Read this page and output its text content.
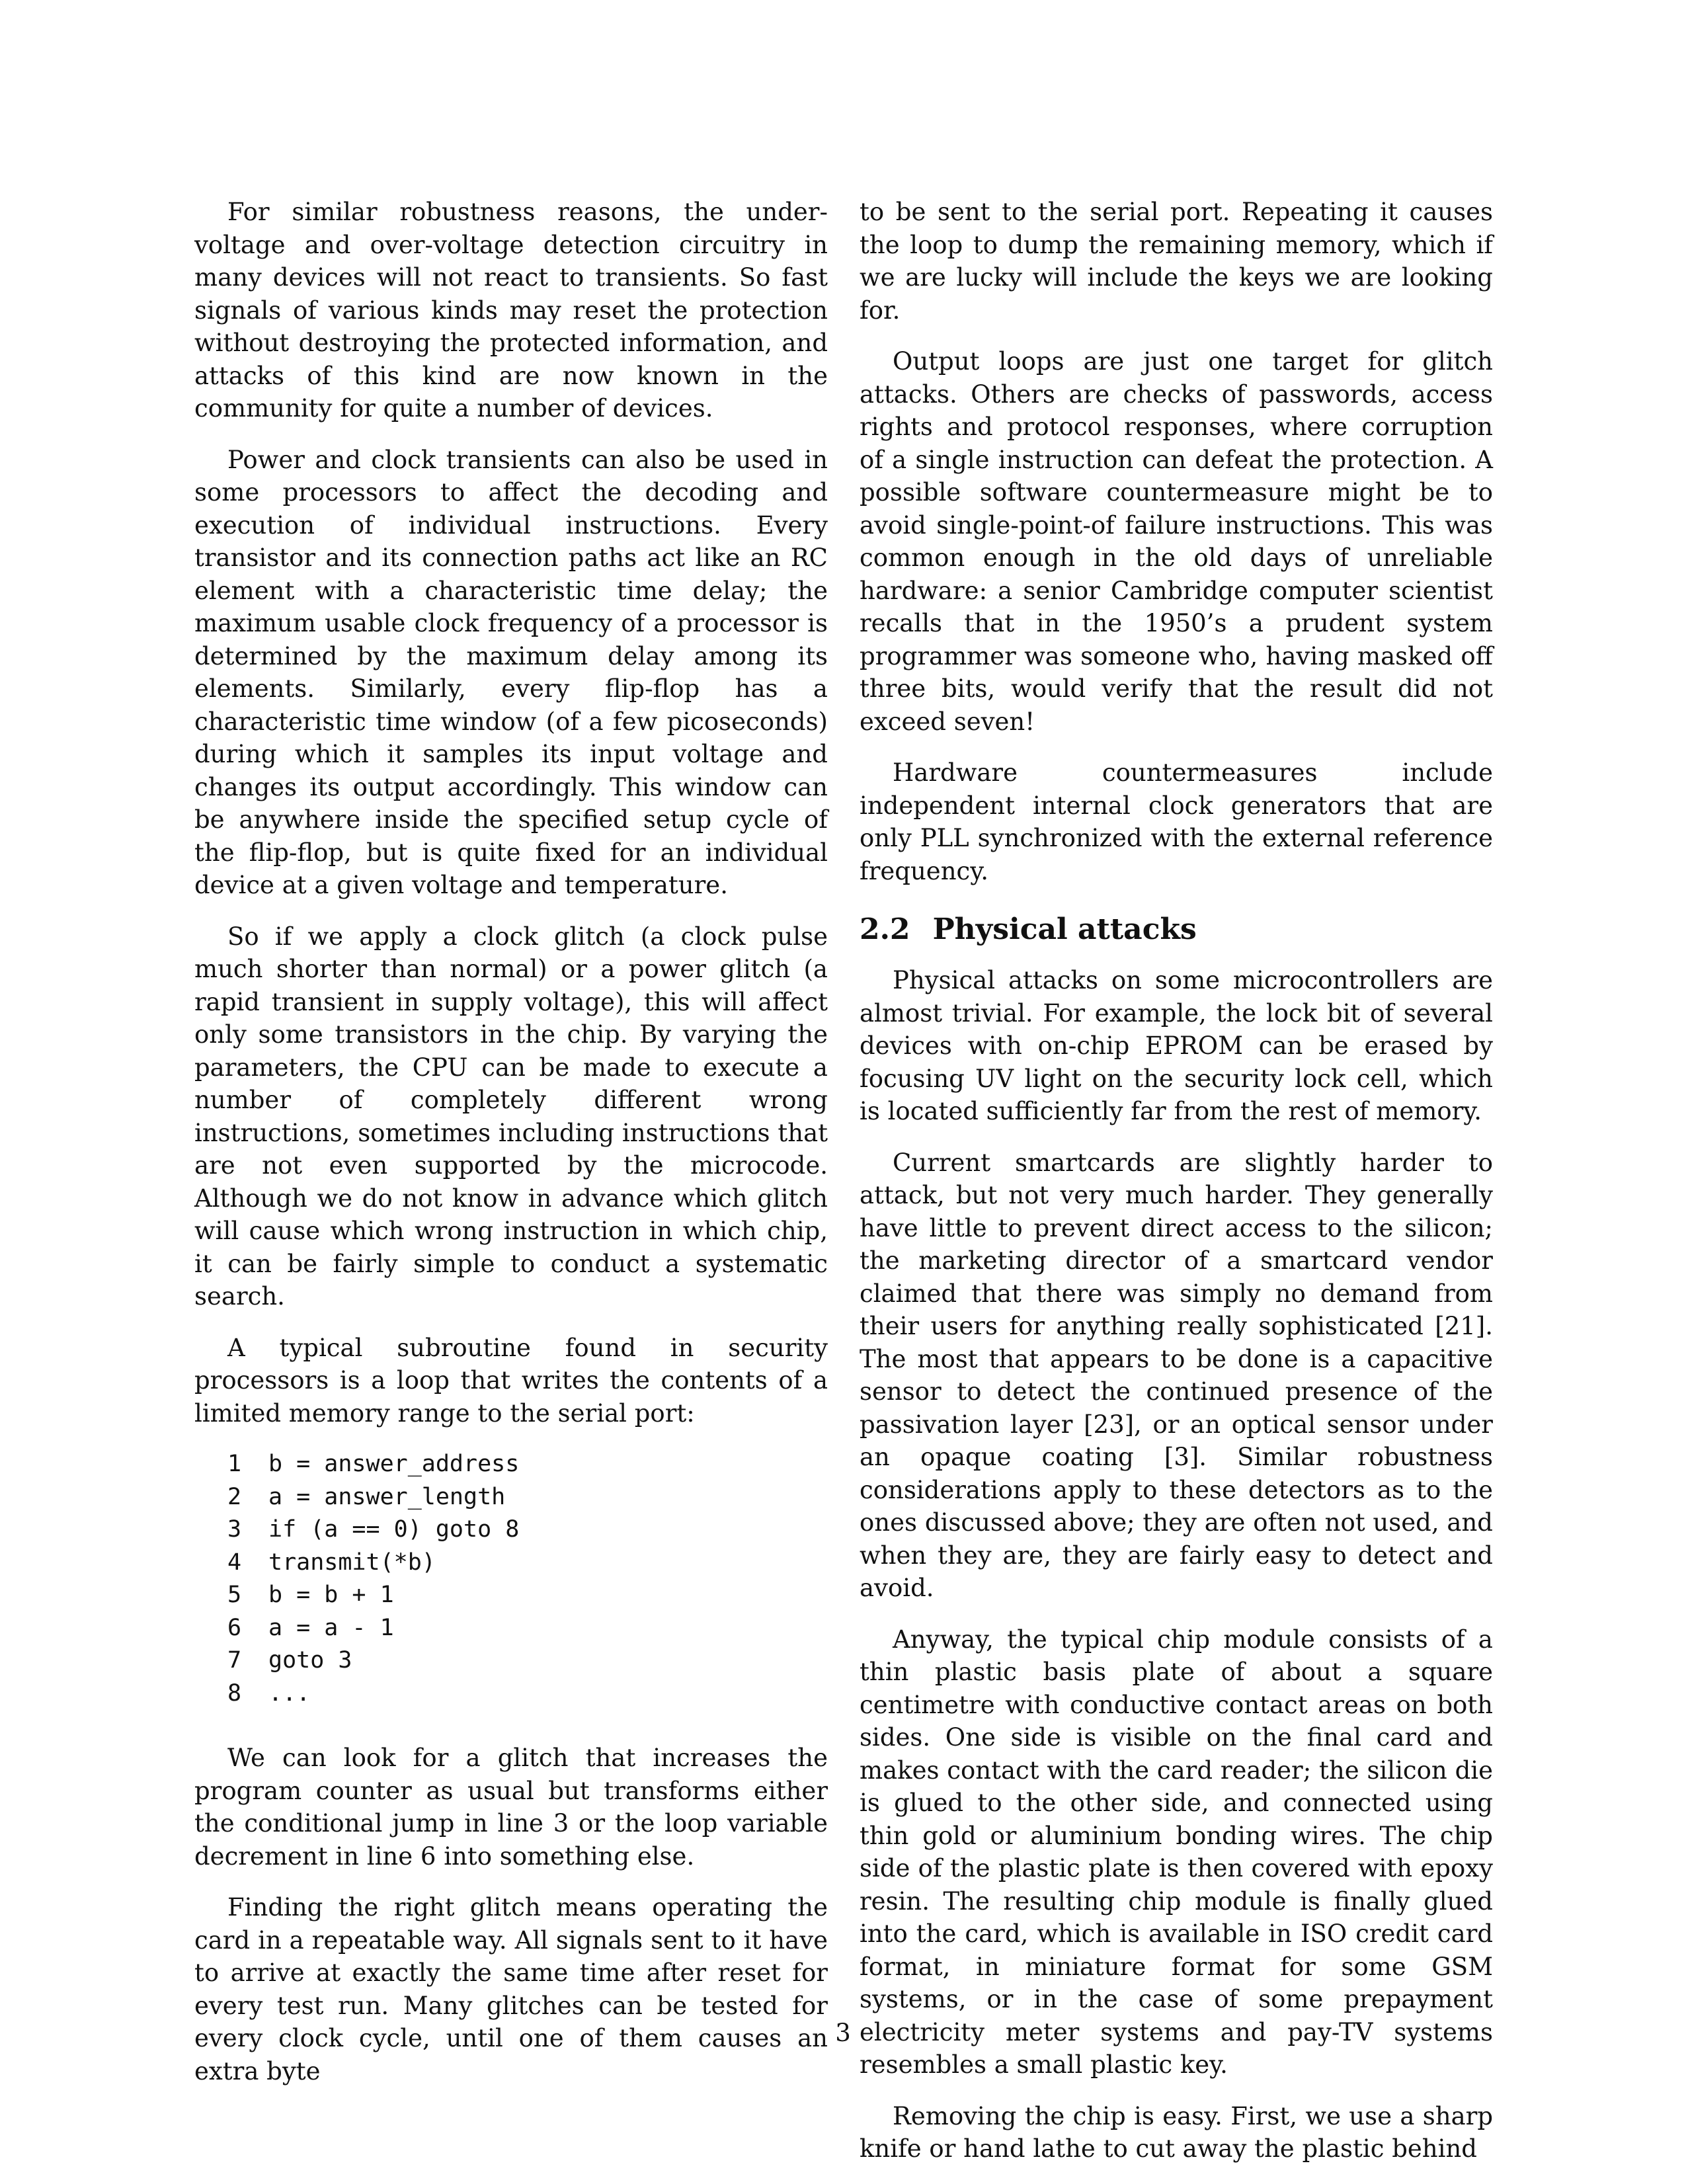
For similar robustness reasons, the under-voltage and over-voltage detection circuitry in many devices will not react to transients. So fast signals of various kinds may reset the protection without destroying the protected information, and attacks of this kind are now known in the community for quite a number of devices.

Power and clock transients can also be used in some processors to affect the decoding and execution of individual instructions. Every transistor and its connection paths act like an RC element with a characteristic time delay; the maximum usable clock frequency of a processor is determined by the maximum delay among its elements. Similarly, every flip-flop has a characteristic time window (of a few picoseconds) during which it samples its input voltage and changes its output accordingly. This window can be anywhere inside the specified setup cycle of the flip-flop, but is quite fixed for an individual device at a given voltage and temperature.

So if we apply a clock glitch (a clock pulse much shorter than normal) or a power glitch (a rapid transient in supply voltage), this will affect only some transistors in the chip. By varying the parameters, the CPU can be made to execute a number of completely different wrong instructions, sometimes including instructions that are not even supported by the microcode. Although we do not know in advance which glitch will cause which wrong instruction in which chip, it can be fairly simple to conduct a systematic search.

A typical subroutine found in security processors is a loop that writes the contents of a limited memory range to the serial port:

1 b = answer_address
2 a = answer_length
3 if (a == 0) goto 8
4 transmit(*b)
5 b = b + 1
6 a = a - 1
7 goto 3
8 ...

We can look for a glitch that increases the program counter as usual but transforms either the conditional jump in line 3 or the loop variable decrement in line 6 into something else.

Finding the right glitch means operating the card in a repeatable way. All signals sent to it have to arrive at exactly the same time after reset for every test run. Many glitches can be tested for every clock cycle, until one of them causes an extra byte

to be sent to the serial port. Repeating it causes the loop to dump the remaining memory, which if we are lucky will include the keys we are looking for.

Output loops are just one target for glitch attacks. Others are checks of passwords, access rights and protocol responses, where corruption of a single instruction can defeat the protection. A possible software countermeasure might be to avoid single-point-of failure instructions. This was common enough in the old days of unreliable hardware: a senior Cambridge computer scientist recalls that in the 1950’s a prudent system programmer was someone who, having masked off three bits, would verify that the result did not exceed seven!

Hardware countermeasures include independent internal clock generators that are only PLL synchronized with the external reference frequency.

2.2 Physical attacks

Physical attacks on some microcontrollers are almost trivial. For example, the lock bit of several devices with on-chip EPROM can be erased by focusing UV light on the security lock cell, which is located sufficiently far from the rest of memory.

Current smartcards are slightly harder to attack, but not very much harder. They generally have little to prevent direct access to the silicon; the marketing director of a smartcard vendor claimed that there was simply no demand from their users for anything really sophisticated [21]. The most that appears to be done is a capacitive sensor to detect the continued presence of the passivation layer [23], or an optical sensor under an opaque coating [3]. Similar robustness considerations apply to these detectors as to the ones discussed above; they are often not used, and when they are, they are fairly easy to detect and avoid.

Anyway, the typical chip module consists of a thin plastic basis plate of about a square centimetre with conductive contact areas on both sides. One side is visible on the final card and makes contact with the card reader; the silicon die is glued to the other side, and connected using thin gold or aluminium bonding wires. The chip side of the plastic plate is then covered with epoxy resin. The resulting chip module is finally glued into the card, which is available in ISO credit card format, in miniature format for some GSM systems, or in the case of some prepayment electricity meter systems and pay-TV systems resembles a small plastic key.

Removing the chip is easy. First, we use a sharp knife or hand lathe to cut away the plastic behind

3
